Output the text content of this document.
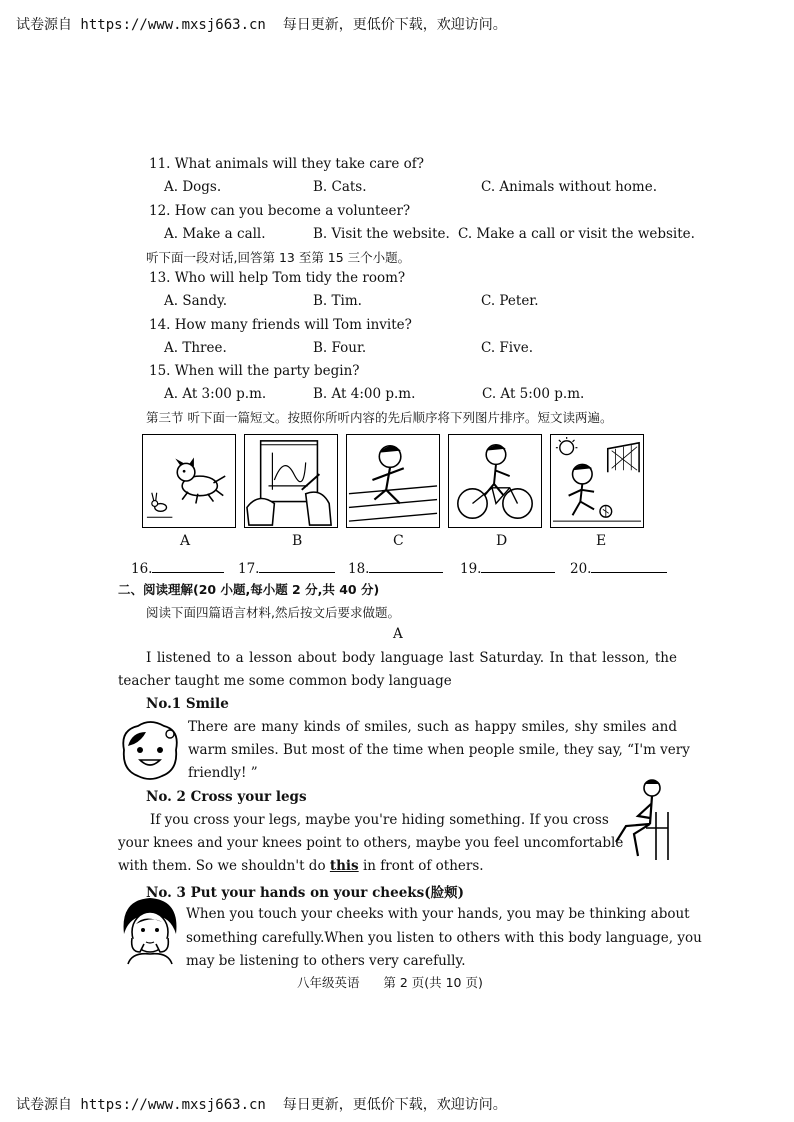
试卷源自 https://www.mxsj663.cn  每日更新，更低价下载，欢迎访问。
11. What animals will they take care of?
A. Dogs.	B. Cats.	C. Animals without home.
12. How can you become a volunteer?
A. Make a call.	B. Visit the website. C. Make a call or visit the website.
听下面一段对话,回答第 13 至第 15 三个小题。
13. Who will help Tom tidy the room?
A. Sandy.	B. Tim.	C. Peter.
14. How many friends will Tom invite?
A. Three.	B. Four.	C. Five.
15. When will the party begin?
A. At 3:00 p.m.	B. At 4:00 p.m.	C. At 5:00 p.m.
第三节 听下面一篇短文。按照你所听内容的先后顺序将下列图片排序。短文读两遍。
A	B	C	D	E
16.	17.	18.	19.	20.
二、阅读理解(20 小题,每小题 2 分,共 40 分)
阅读下面四篇语言材料,然后按文后要求做题。
A
I listened to a lesson about body language last Saturday. In that lesson, the
teacher taught me some common body language
No.1 Smile
There are many kinds of smiles, such as happy smiles, shy smiles and
warm smiles. But most of the time when people smile, they say, “I'm very
friendly! ”
No. 2 Cross your legs
If you cross your legs, maybe you're hiding something. If you cross
your knees and your knees point to others, maybe you feel uncomfortable
with them. So we shouldn't do this in front of others.
No. 3 Put your hands on your cheeks(脸颊)
When you touch your cheeks with your hands, you may be thinking about
something carefully.When you listen to others with this body language, you
may be listening to others very carefully.
八年级英语      第 2 页(共 10 页)
试卷源自 https://www.mxsj663.cn  每日更新，更低价下载，欢迎访问。
